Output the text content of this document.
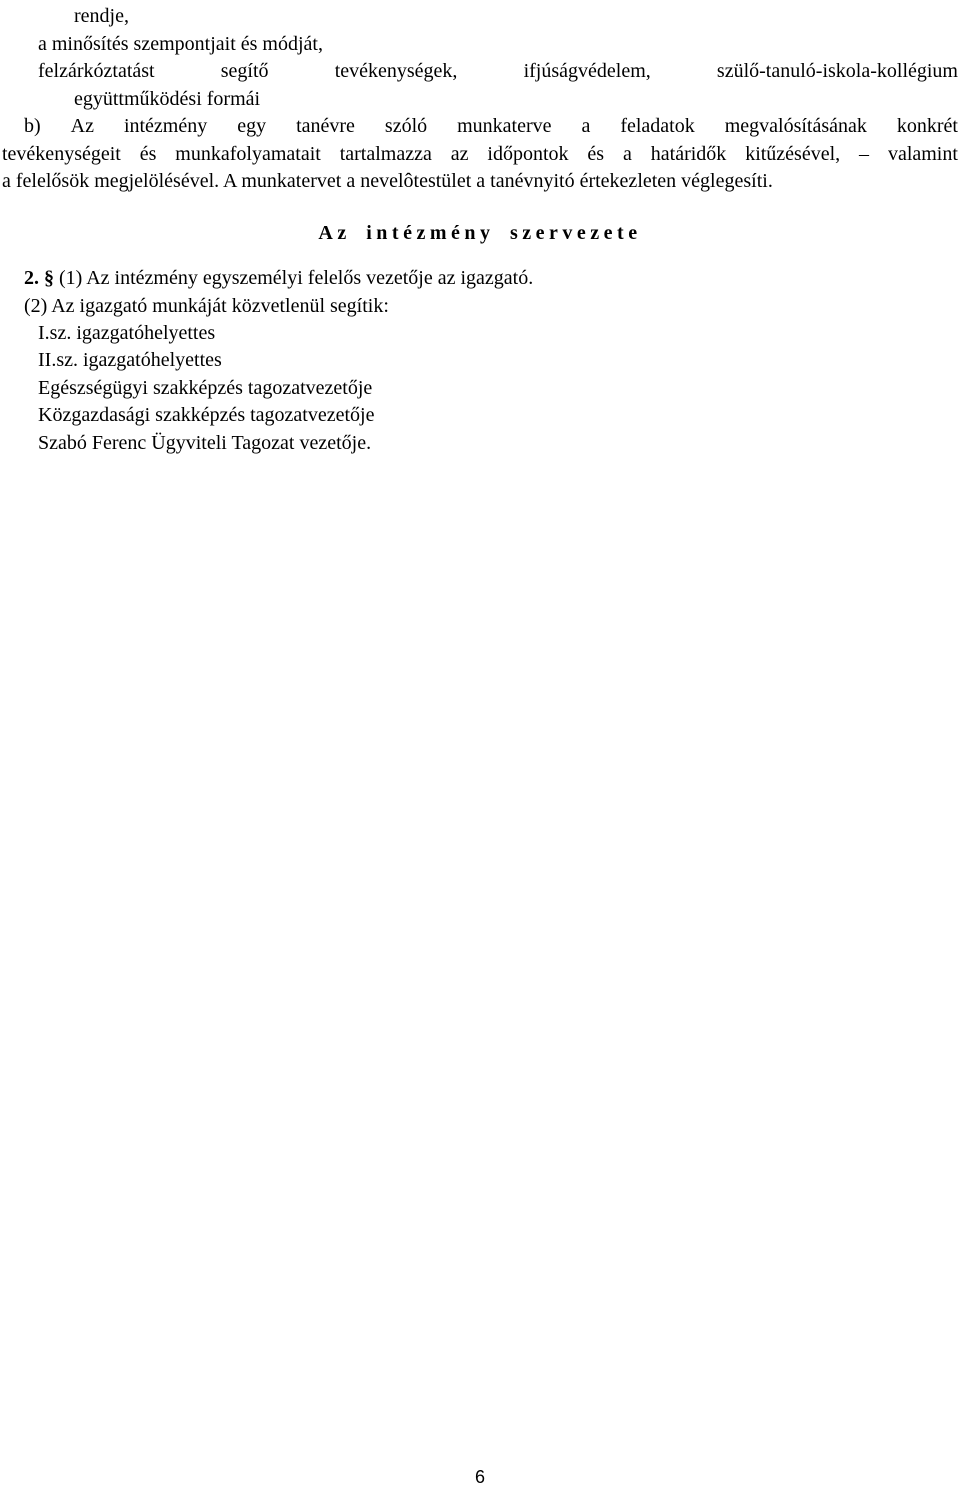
rendje,

a minősítés szempontjait és módját,

felzárkóztatást	segítő	tevékenységek,	ifjúságvédelem,	szülő-tanuló-iskola-kollégium

együttműködési formái

b) Az intézmény egy tanévre szóló munkaterve a feladatok megvalósításának konkrét
tevékenységeit és munkafolyamatait tartalmazza az időpontok és a határidők kitűzésével, – valamint

a felelősök megjelölésével. A munkatervet a nevelôtestület a tanévnyitó értekezleten véglegesíti.

Az intézmény szervezete

2. § (1) Az intézmény egyszemélyi felelős vezetője az igazgató.

(2) Az igazgató munkáját közvetlenül segítik:

I.sz. igazgatóhelyettes

II.sz. igazgatóhelyettes

Egészségügyi szakképzés tagozatvezetője

Közgazdasági szakképzés tagozatvezetője

Szabó Ferenc Ügyviteli Tagozat vezetője.

6
